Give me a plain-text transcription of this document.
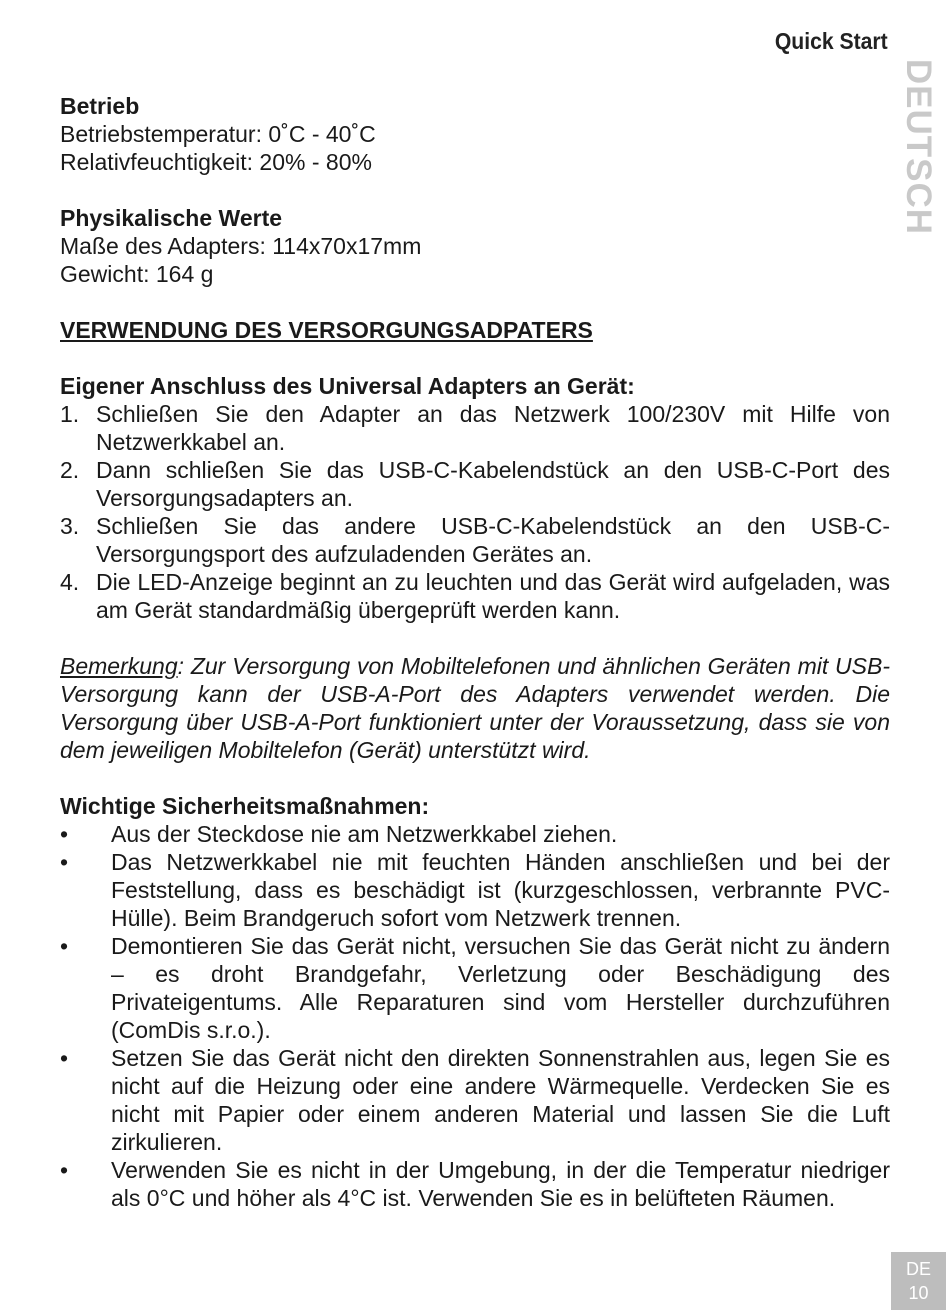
Quick Start
DEUTSCH

Betrieb

Betriebstemperatur: 0˚C - 40˚C

Relativfeuchtigkeit: 20% - 80%

Physikalische Werte

Maße des Adapters: 114x70x17mm

Gewicht: 164 g

VERWENDUNG DES VERSORGUNGSADPATERS

Eigener Anschluss des Universal Adapters an Gerät:

1. Schließen Sie den Adapter an das Netzwerk 100/230V mit Hilfe von Netzwerkkabel an.
2. Dann schließen Sie das USB-C-Kabelendstück an den USB-C-Port des Versorgungsadapters an.
3. Schließen Sie das andere USB-C-Kabelendstück an den USB-C-Versorgungsport des aufzuladenden Gerätes an.
4. Die LED-Anzeige beginnt an zu leuchten und das Gerät wird aufgeladen, was am Gerät standardmäßig übergeprüft werden kann.

Bemerkung: Zur Versorgung von Mobiltelefonen und ähnlichen Geräten mit USB- Versorgung kann der USB-A-Port des Adapters verwendet werden. Die Versorgung über USB-A-Port funktioniert unter der Voraussetzung, dass sie von dem jeweiligen Mobiltelefon (Gerät) unterstützt wird.

Wichtige Sicherheitsmaßnahmen:

• Aus der Steckdose nie am Netzwerkkabel ziehen.
• Das Netzwerkkabel nie mit feuchten Händen anschließen und bei der Feststellung, dass es beschädigt ist (kurzgeschlossen, verbrannte PVC-Hülle). Beim Brandgeruch sofort vom Netzwerk trennen.
• Demontieren Sie das Gerät nicht, versuchen Sie das Gerät nicht zu ändern – es droht Brandgefahr, Verletzung oder Beschädigung des Privateigentums. Alle Reparaturen sind vom Hersteller durchzuführen (ComDis s.r.o.).
• Setzen Sie das Gerät nicht den direkten Sonnenstrahlen aus, legen Sie es nicht auf die Heizung oder eine andere Wärmequelle. Verdecken Sie es nicht mit Papier oder einem anderen Material und lassen Sie die Luft zirkulieren.
• Verwenden Sie es nicht in der Umgebung, in der die Temperatur niedriger als 0°C und höher als 4°C ist. Verwenden Sie es in belüfteten Räumen.
DE
10
